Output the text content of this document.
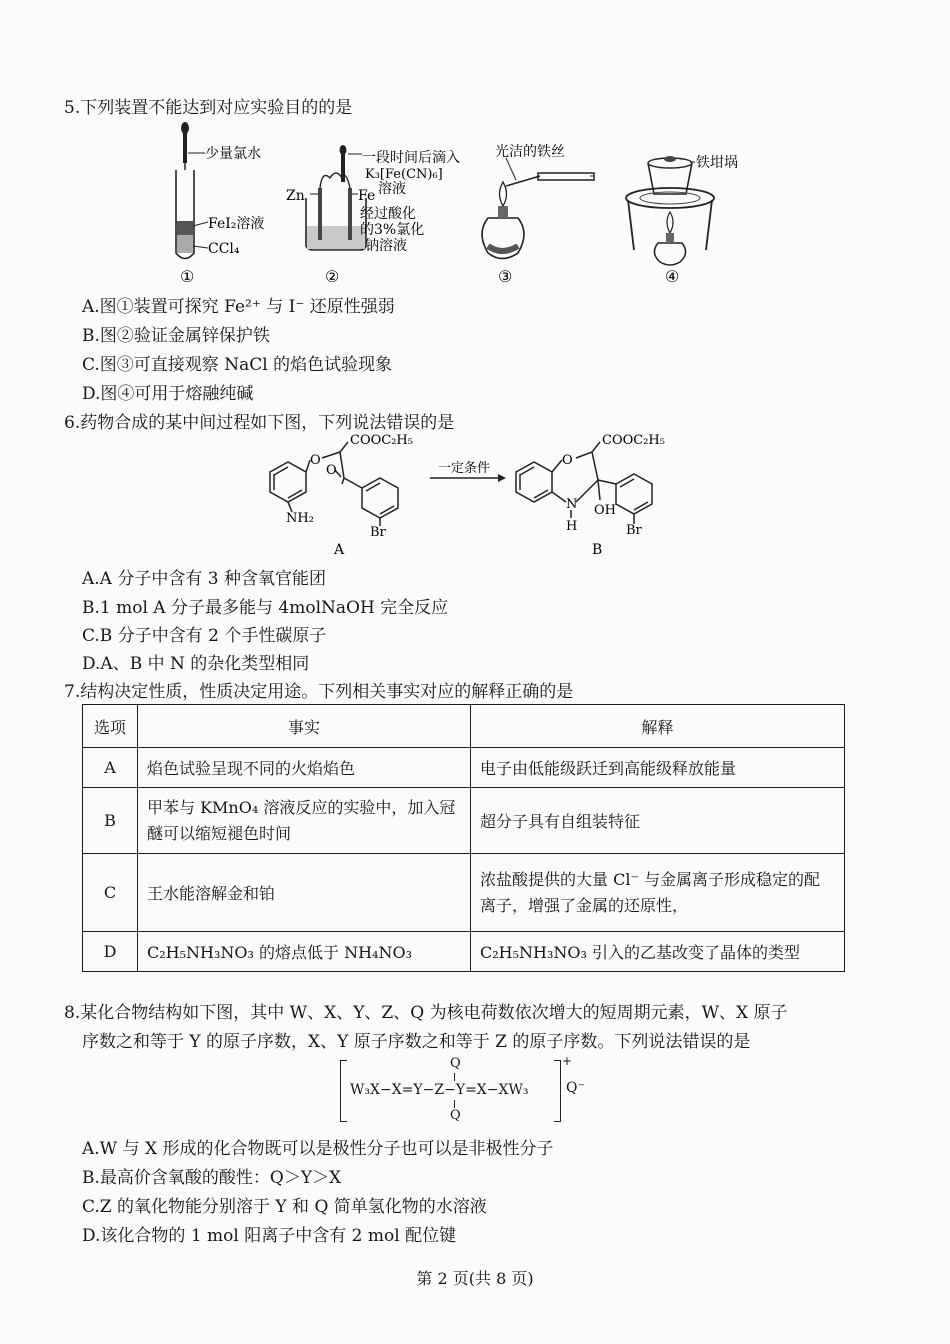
5.下列装置不能达到对应实验目的的是
少量氯水
FeI₂溶液
CCl₄
①
一段时间后滴入
K₃[Fe(CN)₆]
溶液
Zn	Fe
经过酸化
的3%氯化
钠溶液
②
光洁的铁丝
③
铁坩埚
④
A.图①装置可探究 Fe²⁺ 与 I⁻ 还原性强弱
B.图②验证金属锌保护铁
C.图③可直接观察 NaCl 的焰色试验现象
D.图④可用于熔融纯碱
6.药物合成的某中间过程如下图，下列说法错误的是
COOC₂H₅
O
O
NH₂
Br
A
一定条件
COOC₂H₅
O
N
H
OH
Br
B
A.A 分子中含有 3 种含氧官能团
B.1 mol A 分子最多能与 4molNaOH 完全反应
C.B 分子中含有 2 个手性碳原子
D.A、B 中 N 的杂化类型相同
7.结构决定性质，性质决定用途。下列相关事实对应的解释正确的是
选项	事实	解释
A	焰色试验呈现不同的火焰焰色	电子由低能级跃迁到高能级释放能量
B	甲苯与 KMnO₄ 溶液反应的实验中，加入冠醚可以缩短褪色时间	超分子具有自组装特征
C	王水能溶解金和铂	浓盐酸提供的大量 Cl⁻ 与金属离子形成稳定的配离子，增强了金属的还原性，
D	C₂H₅NH₃NO₃ 的熔点低于 NH₄NO₃	C₂H₅NH₃NO₃ 引入的乙基改变了晶体的类型
8.某化合物结构如下图，其中 W、X、Y、Z、Q 为核电荷数依次增大的短周期元素，W、X 原子
序数之和等于 Y 的原子序数，X、Y 原子序数之和等于 Z 的原子序数。下列说法错误的是
Q
W₃X−X=Y−Z−Y=X−XW₃
Q
+
Q⁻
A.W 与 X 形成的化合物既可以是极性分子也可以是非极性分子
B.最高价含氧酸的酸性：Q＞Y＞X
C.Z 的氧化物能分别溶于 Y 和 Q 简单氢化物的水溶液
D.该化合物的 1 mol 阳离子中含有 2 mol 配位键
第 2 页(共 8 页)
